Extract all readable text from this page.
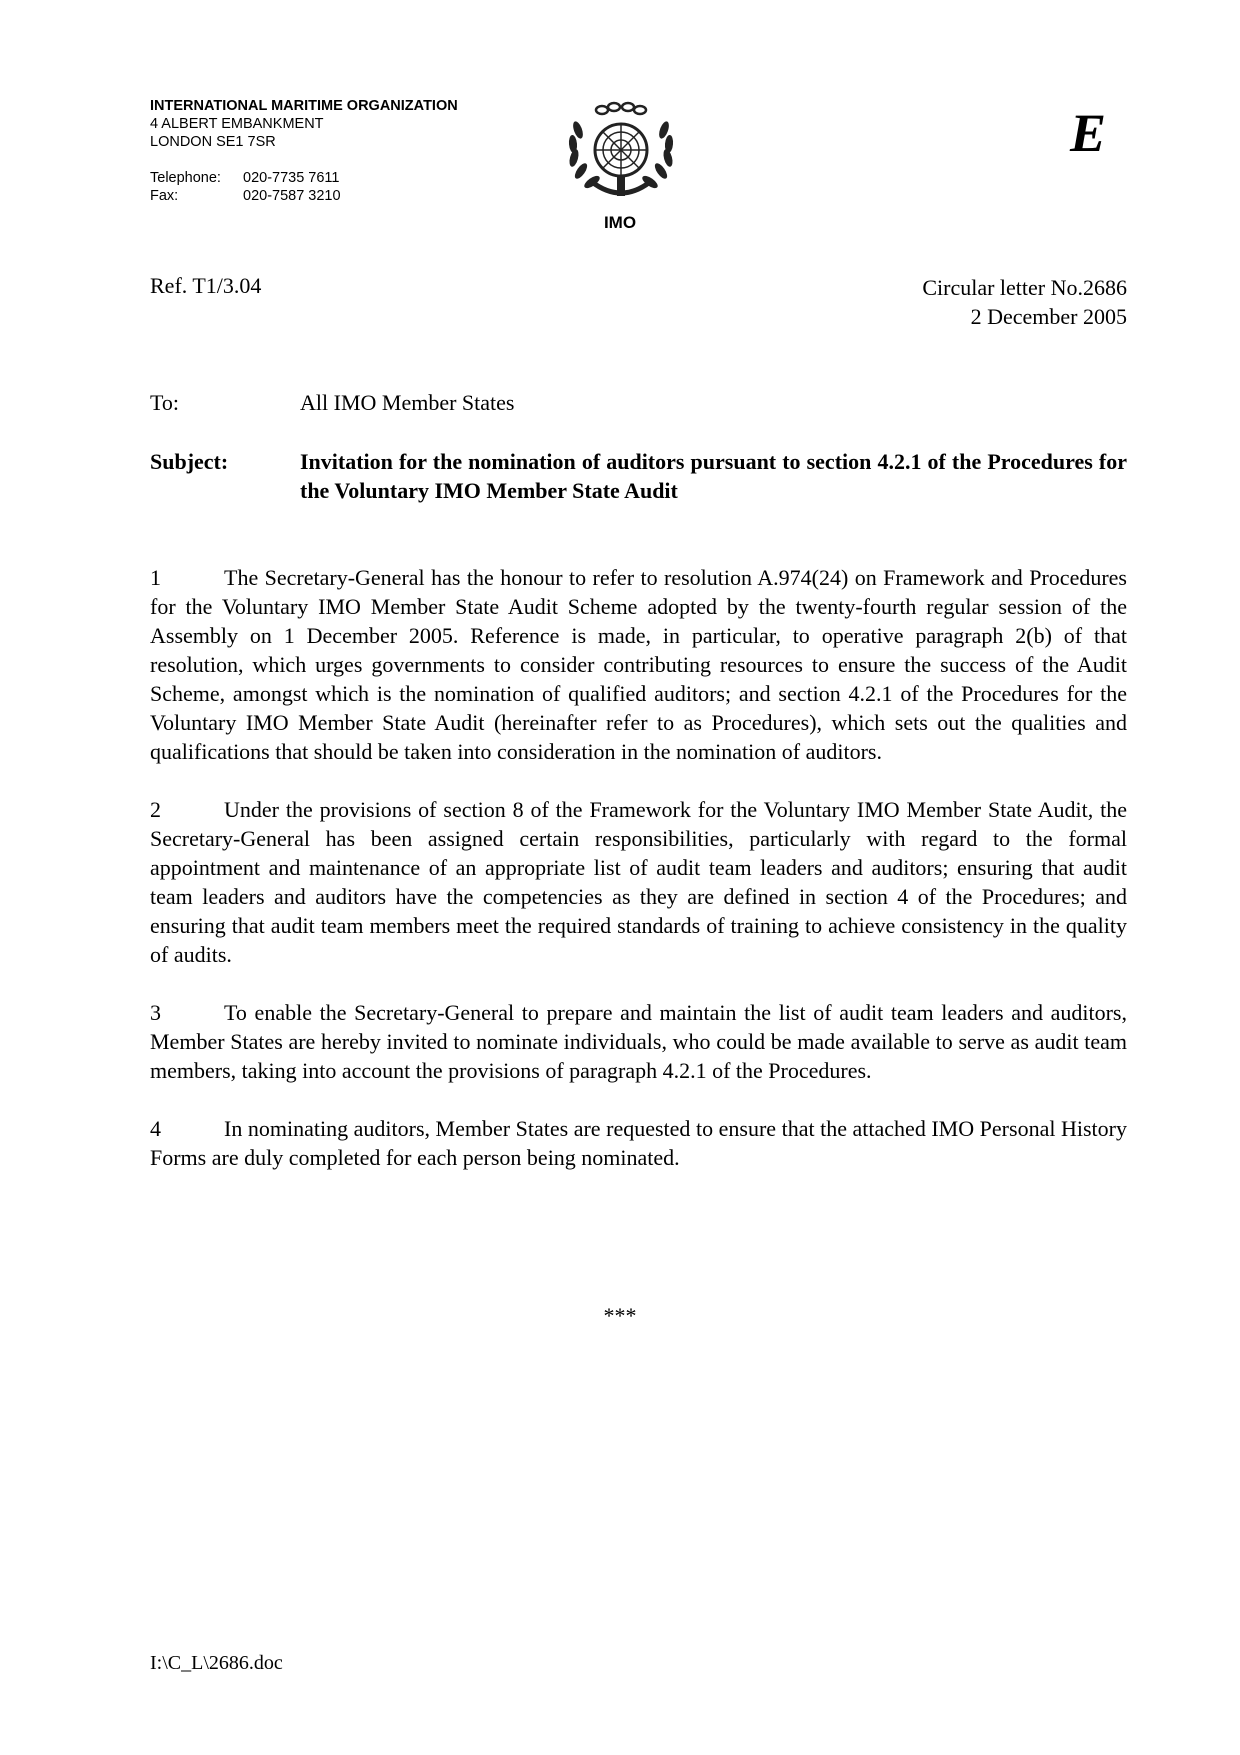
INTERNATIONAL MARITIME ORGANIZATION
4 ALBERT EMBANKMENT
LONDON SE1 7SR
Telephone:	020-7735 7611
Fax:	020-7587 3210
IMO
E
Ref. T1/3.04	Circular letter No.2686
2 December 2005
To:	All IMO Member States
Subject:	Invitation for the nomination of auditors pursuant to section 4.2.1 of the Procedures for the Voluntary IMO Member State Audit

1	The Secretary-General has the honour to refer to resolution A.974(24) on Framework and Procedures for the Voluntary IMO Member State Audit Scheme adopted by the twenty-fourth regular session of the Assembly on 1 December 2005. Reference is made, in particular, to operative paragraph 2(b) of that resolution, which urges governments to consider contributing resources to ensure the success of the Audit Scheme, amongst which is the nomination of qualified auditors; and section 4.2.1 of the Procedures for the Voluntary IMO Member State Audit (hereinafter refer to as Procedures), which sets out the qualities and qualifications that should be taken into consideration in the nomination of auditors.

2	Under the provisions of section 8 of the Framework for the Voluntary IMO Member State Audit, the Secretary-General has been assigned certain responsibilities, particularly with regard to the formal appointment and maintenance of an appropriate list of audit team leaders and auditors; ensuring that audit team leaders and auditors have the competencies as they are defined in section 4 of the Procedures; and ensuring that audit team members meet the required standards of training to achieve consistency in the quality of audits.

3	To enable the Secretary-General to prepare and maintain the list of audit team leaders and auditors, Member States are hereby invited to nominate individuals, who could be made available to serve as audit team members, taking into account the provisions of paragraph 4.2.1 of the Procedures.

4	In nominating auditors, Member States are requested to ensure that the attached IMO Personal History Forms are duly completed for each person being nominated.

***
I:\C_L\2686.doc
